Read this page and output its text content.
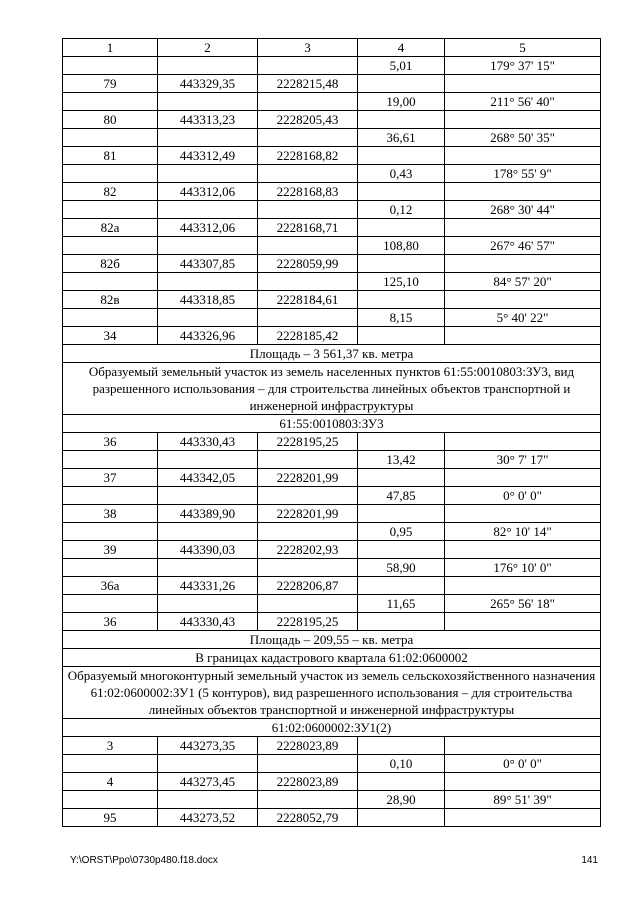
1	2	3	4	5
			5,01	179° 37' 15"
79	443329,35	2228215,48		
			19,00	211° 56' 40"
80	443313,23	2228205,43		
			36,61	268° 50' 35"
81	443312,49	2228168,82		
			0,43	178° 55' 9"
82	443312,06	2228168,83		
			0,12	268° 30' 44"
82а	443312,06	2228168,71		
			108,80	267° 46' 57"
82б	443307,85	2228059,99		
			125,10	84° 57' 20"
82в	443318,85	2228184,61		
			8,15	5° 40' 22"
34	443326,96	2228185,42		
Площадь – 3 561,37 кв. метра				
Образуемый земельный участок из земель населенных пунктов 61:55:0010803:ЗУ3, вид разрешенного использования – для строительства линейных объектов транспортной и инженерной инфраструктуры				
61:55:0010803:ЗУ3				
36	443330,43	2228195,25		
			13,42	30° 7' 17"
37	443342,05	2228201,99		
			47,85	0° 0' 0"
38	443389,90	2228201,99		
			0,95	82° 10' 14"
39	443390,03	2228202,93		
			58,90	176° 10' 0"
36а	443331,26	2228206,87		
			11,65	265° 56' 18"
36	443330,43	2228195,25		
Площадь – 209,55 – кв. метра				
В границах кадастрового квартала 61:02:0600002				
Образуемый многоконтурный земельный участок из земель сельскохозяйственного назначения 61:02:0600002:ЗУ1 (5 контуров), вид разрешенного использования – для строительства линейных объектов транспортной и инженерной инфраструктуры				
61:02:0600002:ЗУ1(2)				
3	443273,35	2228023,89		
			0,10	0° 0' 0"
4	443273,45	2228023,89		
			28,90	89° 51' 39"
95	443273,52	2228052,79		
Y:\ORST\Ppo\0730p480.f18.docx	141
